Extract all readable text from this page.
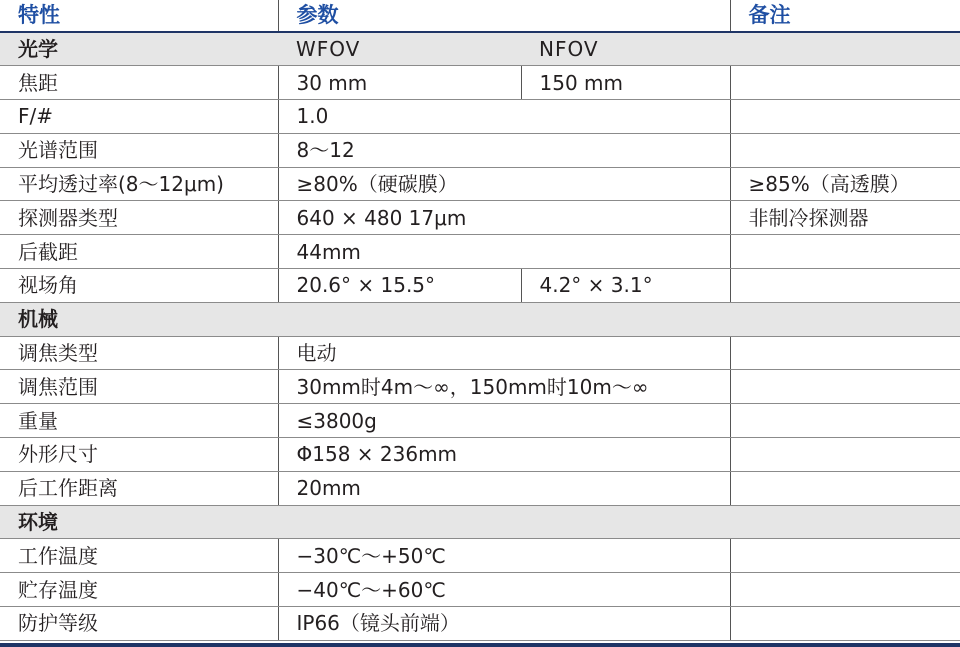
特性	参数		备注
光学	WFOV	NFOV	
焦距	30 mm	150 mm	
F/#	1.0		
光谱范围	8～12		
平均透过率(8～12μm)	≥80%（硬碳膜）		≥85%（高透膜）
探测器类型	640 × 480 17μm		非制冷探测器
后截距	44mm		
视场角	20.6° × 15.5°	4.2° × 3.1°	
机械			
调焦类型	电动		
调焦范围	30mm时4m～∞，150mm时10m～∞		
重量	≤3800g		
外形尺寸	Φ158 × 236mm		
后工作距离	20mm		
环境			
工作温度	−30℃～+50℃		
贮存温度	−40℃～+60℃		
防护等级	IP66（镜头前端）		
